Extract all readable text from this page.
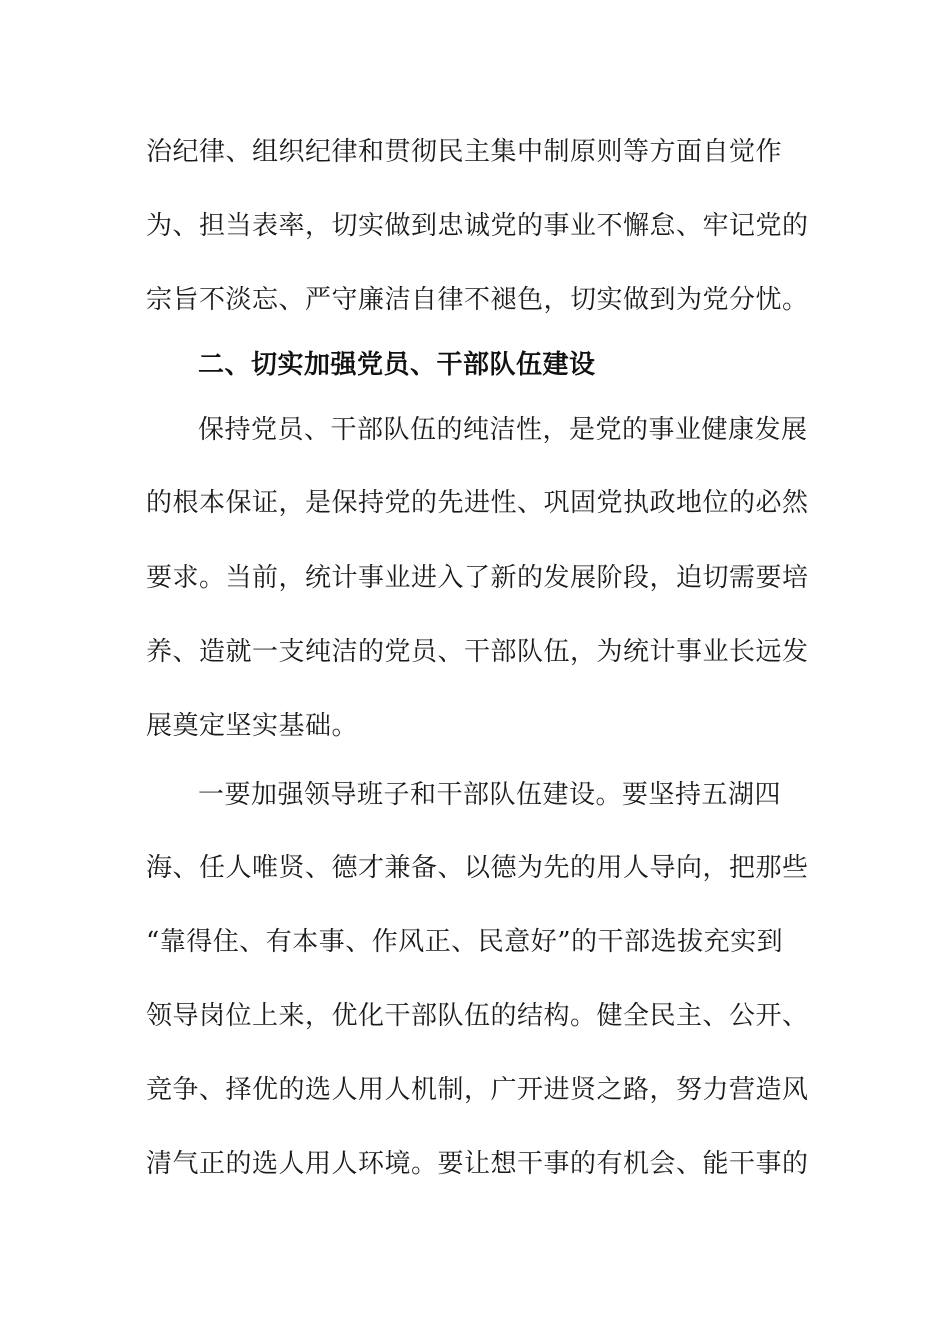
治纪律、组织纪律和贯彻民主集中制原则等方面自觉作
为、担当表率，切实做到忠诚党的事业不懈怠、牢记党的
宗旨不淡忘、严守廉洁自律不褪色，切实做到为党分忧。
二、切实加强党员、干部队伍建设
保持党员、干部队伍的纯洁性，是党的事业健康发展
的根本保证，是保持党的先进性、巩固党执政地位的必然
要求。当前，统计事业进入了新的发展阶段，迫切需要培
养、造就一支纯洁的党员、干部队伍，为统计事业长远发
展奠定坚实基础。
一要加强领导班子和干部队伍建设。要坚持五湖四
海、任人唯贤、德才兼备、以德为先的用人导向，把那些
“靠得住、有本事、作风正、民意好”的干部选拔充实到
领导岗位上来，优化干部队伍的结构。健全民主、公开、
竞争、择优的选人用人机制，广开进贤之路，努力营造风
清气正的选人用人环境。要让想干事的有机会、能干事的
